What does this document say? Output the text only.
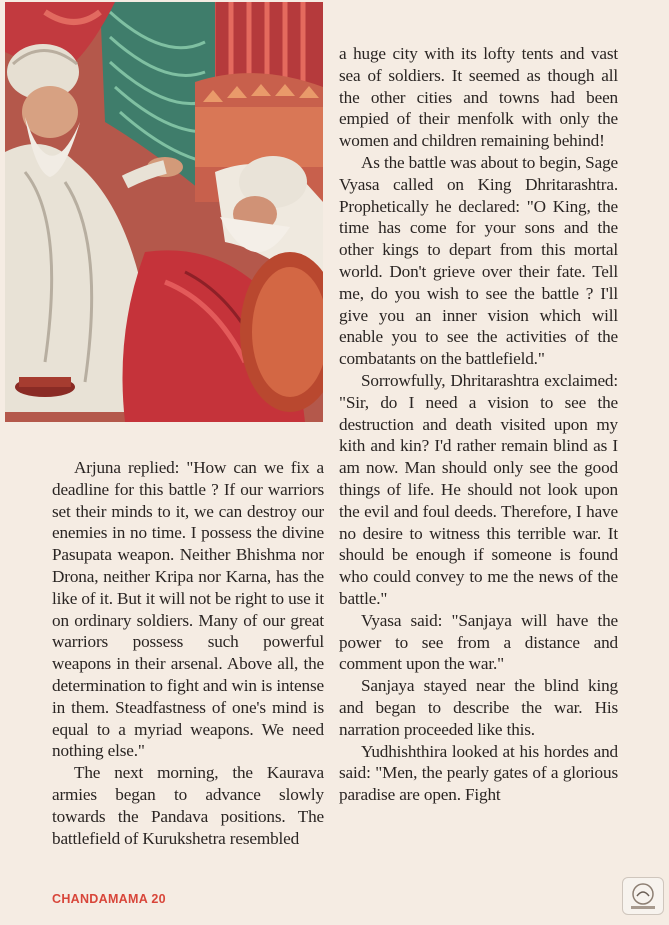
Arjuna replied: "How can we fix a deadline for this battle ? If our warriors set their minds to it, we can destroy our enemies in no time. I possess the divine Pasupata weapon. Neither Bhishma nor Drona, neither Kripa nor Karna, has the like of it. But it will not be right to use it on ordinary soldiers. Many of our great warriors possess such powerful weapons in their arsenal. Above all, the determination to fight and win is intense in them. Steadfastness of one's mind is equal to a myriad weapons. We need nothing else."

The next morning, the Kaurava armies began to advance slowly towards the Pandava positions. The battlefield of Kurukshetra resembled

a huge city with its lofty tents and vast sea of soldiers. It seemed as though all the other cities and towns had been empied of their menfolk with only the women and children remaining behind!

As the battle was about to begin, Sage Vyasa called on King Dhritarashtra. Prophetically he declared: "O King, the time has come for your sons and the other kings to depart from this mortal world. Don't grieve over their fate. Tell me, do you wish to see the battle ? I'll give you an inner vision which will enable you to see the activities of the combatants on the battlefield."

Sorrowfully, Dhritarashtra exclaimed: "Sir, do I need a vision to see the destruction and death visited upon my kith and kin? I'd rather remain blind as I am now. Man should only see the good things of life. He should not look upon the evil and foul deeds. Therefore, I have no desire to witness this terrible war. It should be enough if someone is found who could convey to me the news of the battle."

Vyasa said: "Sanjaya will have the power to see from a distance and comment upon the war."

Sanjaya stayed near the blind king and began to describe the war. His narration proceeded like this.

Yudhishthira looked at his hordes and said: "Men, the pearly gates of a glorious paradise are open. Fight

CHANDAMAMA 20
